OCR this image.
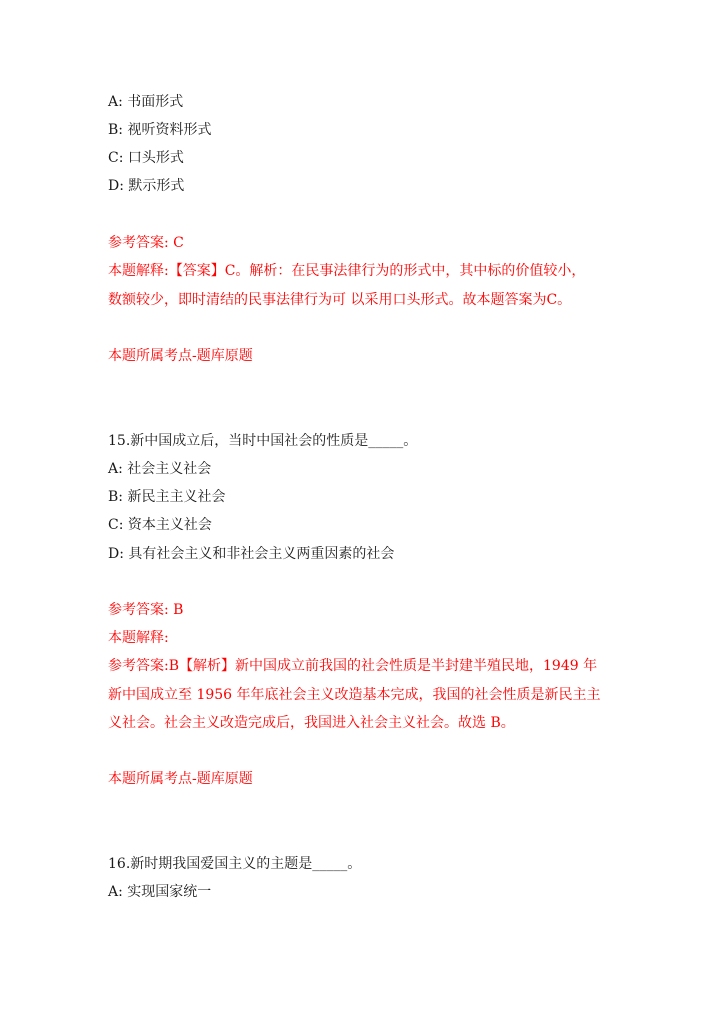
A: 书面形式
B: 视听资料形式
C: 口头形式
D: 默示形式
参考答案: C
本题解释:【答案】C。解析：在民事法律行为的形式中，其中标的价值较小，
数额较少，即时清结的民事法律行为可 以采用口头形式。故本题答案为C。
本题所属考点-题库原题
15.新中国成立后，当时中国社会的性质是_____。
A: 社会主义社会
B: 新民主主义社会
C: 资本主义社会
D: 具有社会主义和非社会主义两重因素的社会
参考答案: B
本题解释:
参考答案:B【解析】新中国成立前我国的社会性质是半封建半殖民地，1949 年
新中国成立至 1956 年年底社会主义改造基本完成，我国的社会性质是新民主主
义社会。社会主义改造完成后，我国进入社会主义社会。故选 B。
本题所属考点-题库原题
16.新时期我国爱国主义的主题是_____。
A: 实现国家统一
